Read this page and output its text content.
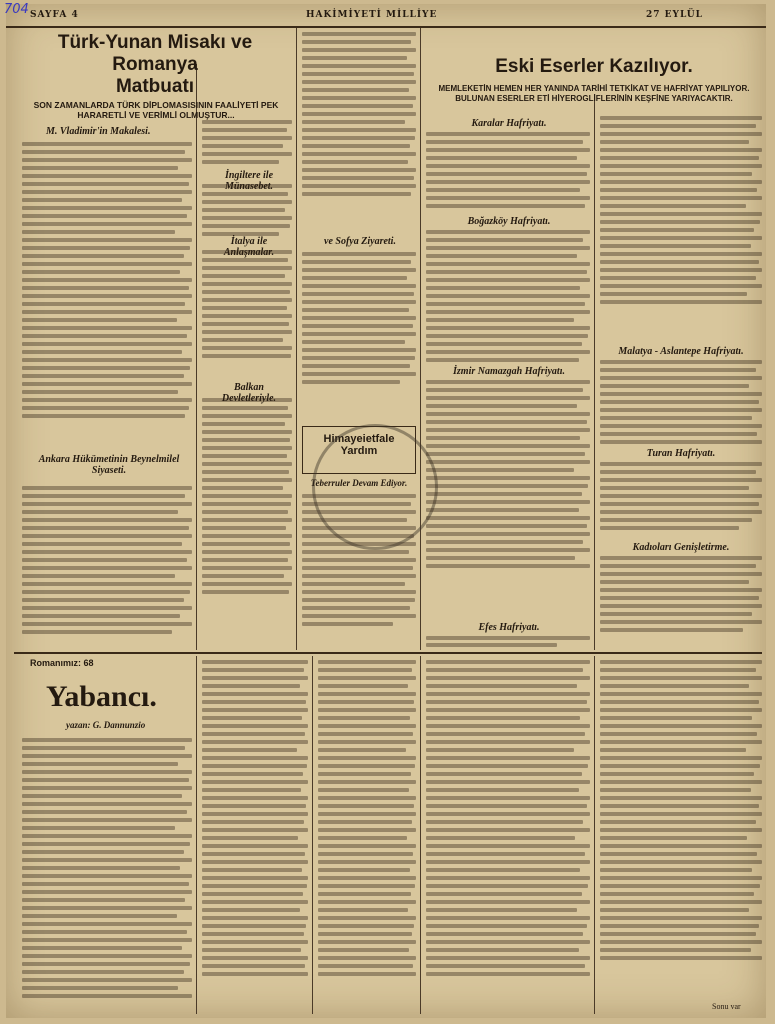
704 SAYFA 4	HAKİMİYETİ MİLLİYE	27 EYLÜL
Türk-Yunan Misakı ve Romanya
Matbuatı
SON ZAMANLARDA TÜRK DİPLOMASISININ FAALİYETİ PEK HARARETLİ VE VERİMLİ OLMUŞTUR...
M. Vladimir'in Makalesi.
Ankara Hükümetinin Beynelmilel Siyaseti.
İngiltere ile Münasebet.
İtalya ile Anlaşmalar.
Balkan Devletleriyle.
ve Sofya Ziyareti.
Himayeietfale
Yardım
Teberruler Devam Ediyor.
Eski Eserler Kazılıyor.
MEMLEKETİN HEMEN HER YANINDA TARİHİ TETKİKAT VE HAFRİYAT YAPILIYOR. BULUNAN ESERLER ETİ HİYEROGLİFLERİNİN KEŞFİNE YARIYACAKTIR.
Karalar Hafriyatı.
Boğazköy Hafriyatı.
İzmir Namazgah Hafriyatı.
Efes Hafriyatı.
Malatya - Aslantepe Hafriyatı.
Turan Hafriyatı.
Kadıoları Genişletirme.
Romanımız: 68
Yabancı.
yazan: G. Dannunzio
Sonu var
